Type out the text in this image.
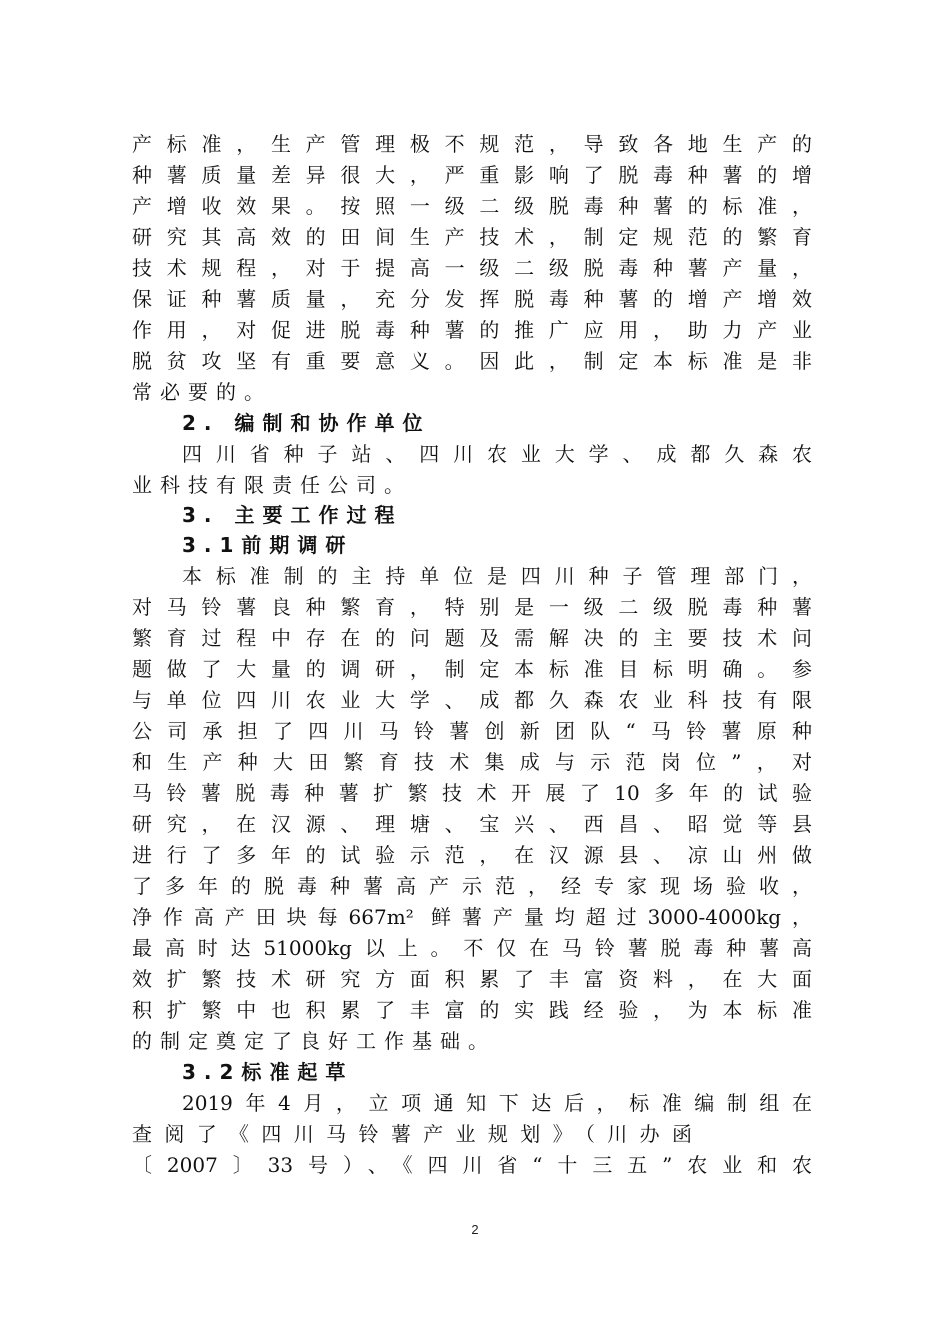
产标准，生产管理极不规范，导致各地生产的
种薯质量差异很大，严重影响了脱毒种薯的增
产增收效果。按照一级二级脱毒种薯的标准，
研究其高效的田间生产技术，制定规范的繁育
技术规程，对于提高一级二级脱毒种薯产量，
保证种薯质量，充分发挥脱毒种薯的增产增效
作用，对促进脱毒种薯的推广应用，助力产业
脱贫攻坚有重要意义。因此，制定本标准是非
常必要的。
2. 编制和协作单位
四川省种子站、四川农业大学、成都久森农
业科技有限责任公司。
3. 主要工作过程
3.1前期调研
本标准制的主持单位是四川种子管理部门，
对马铃薯良种繁育，特别是一级二级脱毒种薯
繁育过程中存在的问题及需解决的主要技术问
题做了大量的调研，制定本标准目标明确。参
与单位四川农业大学、成都久森农业科技有限
公司承担了四川马铃薯创新团队“马铃薯原种
和生产种大田繁育技术集成与示范岗位”，对
马铃薯脱毒种薯扩繁技术开展了10多年的试验
研究，在汉源、理塘、宝兴、西昌、昭觉等县
进行了多年的试验示范，在汉源县、凉山州做
了多年的脱毒种薯高产示范，经专家现场验收，
净作高产田块每667m² 鲜薯产量均超过3000-4000kg，
最高时达51000kg以上。不仅在马铃薯脱毒种薯高
效扩繁技术研究方面积累了丰富资料，在大面
积扩繁中也积累了丰富的实践经验，为本标准
的制定奠定了良好工作基础。
3.2标准起草
2019年4月，立项通知下达后，标准编制组在
查阅了《四川马铃薯产业规划》（川办函
〔2007〕33号）、《四川省“十三五”农业和农
2
